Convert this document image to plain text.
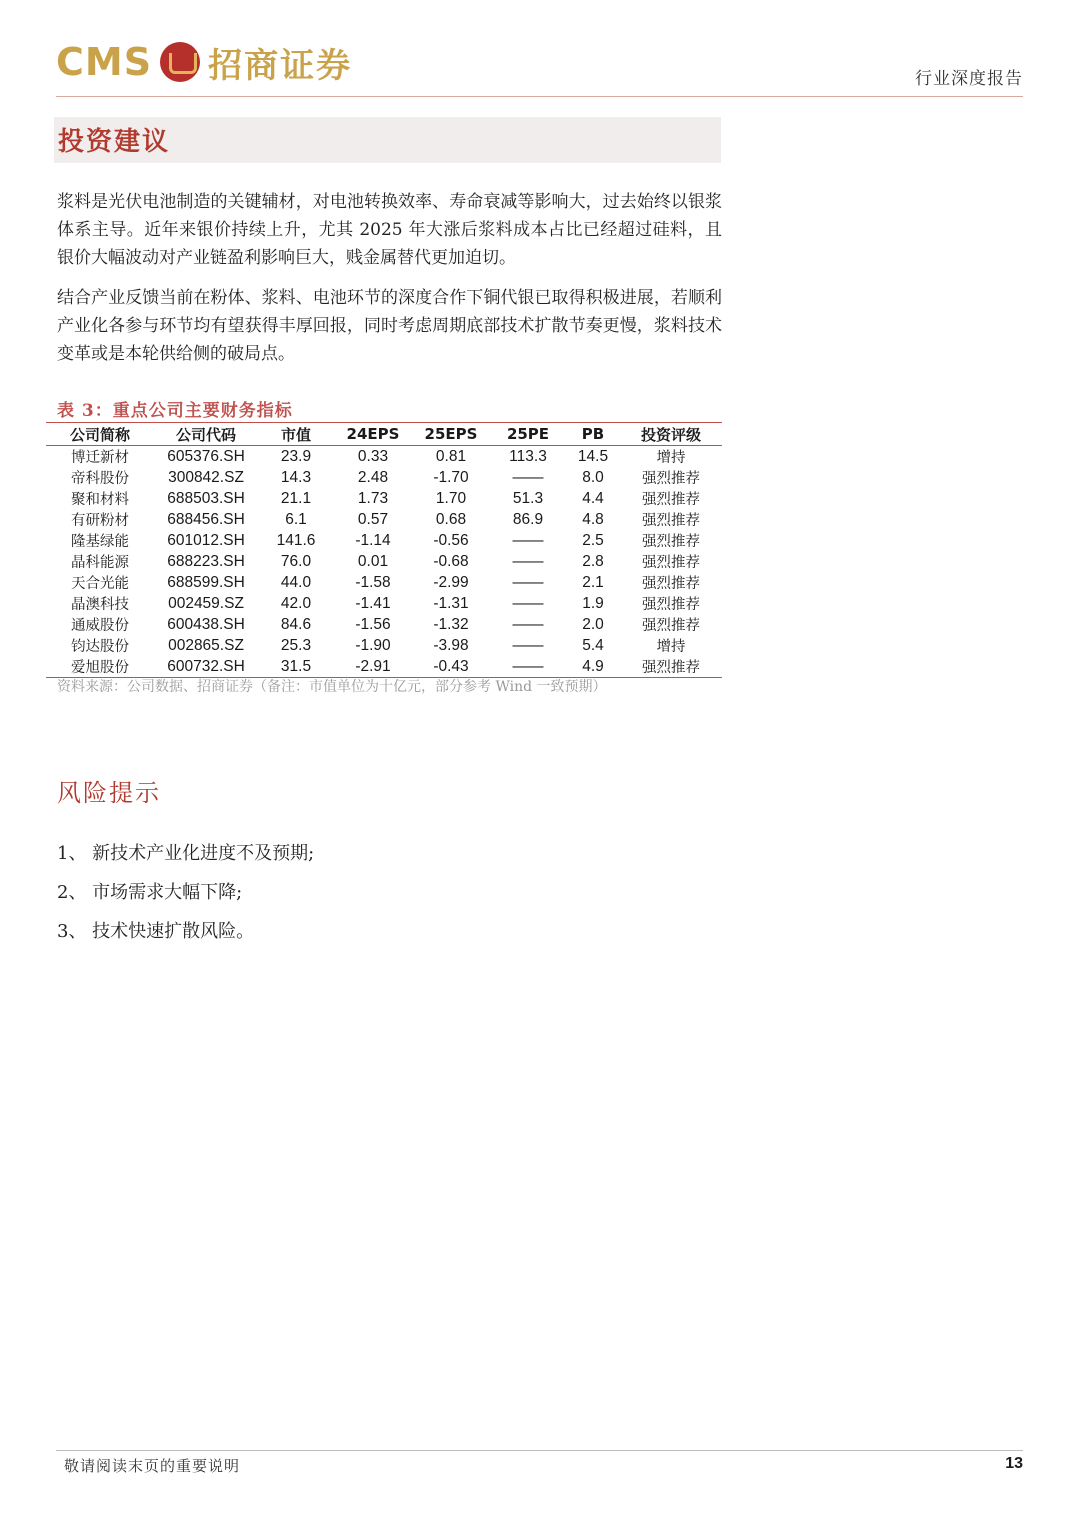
CMS 招商证券	行业深度报告
投资建议
浆料是光伏电池制造的关键辅材，对电池转换效率、寿命衰减等影响大，过去始终以银浆体系主导。近年来银价持续上升，尤其 2025 年大涨后浆料成本占比已经超过硅料，且银价大幅波动对产业链盈利影响巨大，贱金属替代更加迫切。
结合产业反馈当前在粉体、浆料、电池环节的深度合作下铜代银已取得积极进展，若顺利产业化各参与环节均有望获得丰厚回报，同时考虑周期底部技术扩散节奏更慢，浆料技术变革或是本轮供给侧的破局点。
表 3：重点公司主要财务指标
公司简称	公司代码	市值	24EPS	25EPS	25PE	PB	投资评级
博迁新材	605376.SH	23.9	0.33	0.81	113.3	14.5	增持
帝科股份	300842.SZ	14.3	2.48	-1.70	——	8.0	强烈推荐
聚和材料	688503.SH	21.1	1.73	1.70	51.3	4.4	强烈推荐
有研粉材	688456.SH	6.1	0.57	0.68	86.9	4.8	强烈推荐
隆基绿能	601012.SH	141.6	-1.14	-0.56	——	2.5	强烈推荐
晶科能源	688223.SH	76.0	0.01	-0.68	——	2.8	强烈推荐
天合光能	688599.SH	44.0	-1.58	-2.99	——	2.1	强烈推荐
晶澳科技	002459.SZ	42.0	-1.41	-1.31	——	1.9	强烈推荐
通威股份	600438.SH	84.6	-1.56	-1.32	——	2.0	强烈推荐
钧达股份	002865.SZ	25.3	-1.90	-3.98	——	5.4	增持
爱旭股份	600732.SH	31.5	-2.91	-0.43	——	4.9	强烈推荐
资料来源：公司数据、招商证券（备注：市值单位为十亿元，部分参考 Wind 一致预期）
风险提示
1、 新技术产业化进度不及预期;
2、 市场需求大幅下降;
3、 技术快速扩散风险。
敬请阅读末页的重要说明	13
